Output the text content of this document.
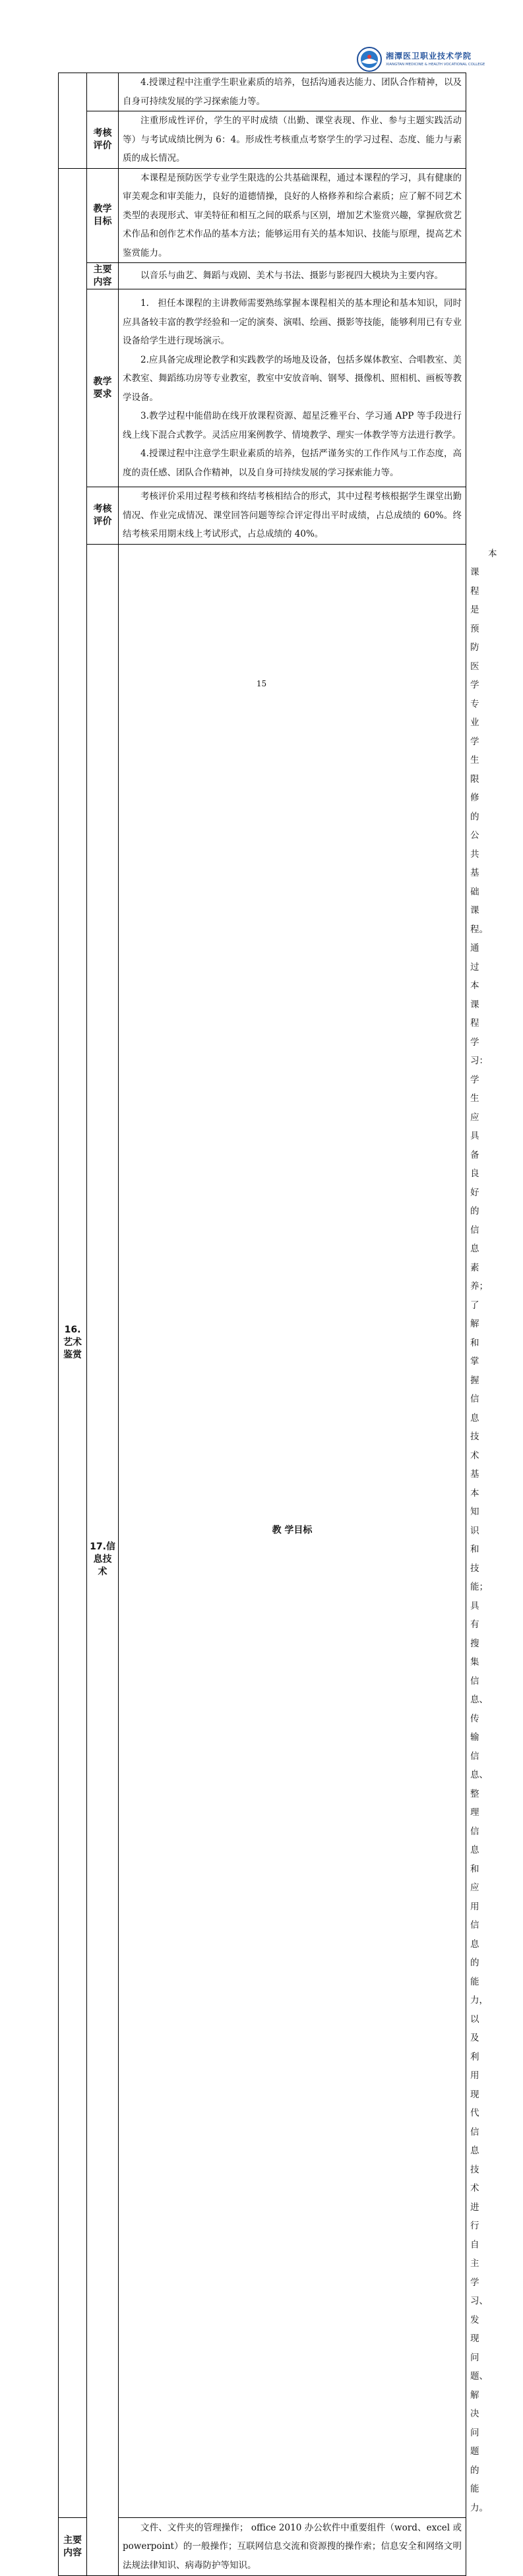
湘潭医卫职业技术学院
XIANGTAN MEDICINE & HEALTH VOCATIONAL COLLEGE

		4.授课过程中注重学生职业素质的培养，包括沟通表达能力、团队合作精神，以及自身可持续发展的学习探索能力等。	

	考核评价	注重形成性评价，学生的平时成绩（出勤、课堂表现、作业、参与主题实践活动等）与考试成绩比例为 6：4。形成性考核重点考察学生的学习过程、态度、能力与素质的成长情况。	

16.艺术鉴赏	教学目标	本课程是预防医学专业学生限选的公共基础课程，通过本课程的学习，具有健康的审美观念和审美能力，良好的道德情操，良好的人格修养和综合素质；应了解不同艺术类型的表现形式、审美特征和相互之间的联系与区别，增加艺术鉴赏兴趣，掌握欣赏艺术作品和创作艺术作品的基本方法；能够运用有关的基本知识、技能与原理，提高艺术鉴赏能力。	

	主要内容	以音乐与曲艺、舞蹈与戏剧、美术与书法、摄影与影视四大模块为主要内容。	

	教学要求	1.　担任本课程的主讲教师需要熟练掌握本课程相关的基本理论和基本知识，同时应具备较丰富的教学经验和一定的演奏、演唱、绘画、摄影等技能，能够利用已有专业设备给学生进行现场演示。

2.应具备完成理论教学和实践教学的场地及设备，包括多媒体教室、合唱教室、美术教室、舞蹈练功房等专业教室，教室中安放音响、钢琴、摄像机、照相机、画板等教学设备。

3.教学过程中能借助在线开放课程资源、超星泛雅平台、学习通 APP 等手段进行线上线下混合式教学。灵活应用案例教学、情境教学、理实一体教学等方法进行教学。

4.授课过程中注意学生职业素质的培养，包括严谨务实的工作作风与工作态度，高度的责任感、团队合作精神，以及自身可持续发展的学习探索能力等。	

	考核评价	考核评价采用过程考核和终结考核相结合的形式，其中过程考核根据学生课堂出勤情况、作业完成情况、课堂回答问题等综合评定得出平时成绩，占总成绩的 60%。终结考核采用期末线上考试形式，占总成绩的 40%。	

	17.信息技术	教 学目标	本课程是预防医学专业学生限修的公共基础课程。通过本课程学习：学生应具备良好的信息素养；了解和掌握信息技术基本知识和技能；具有搜集信息、传输信息、整理信息和应用信息的能力，以及利用现代信息技术进行自主学习、发现问题、解决问题的能力。

主要内容		文件、文件夹的管理操作； office 2010 办公软件中重要组件（word、excel 或 powerpoint）的一般操作；互联网信息交流和资源搜的操作索；信息安全和网络文明法规法律知识、病毒防护等知识。	

15
